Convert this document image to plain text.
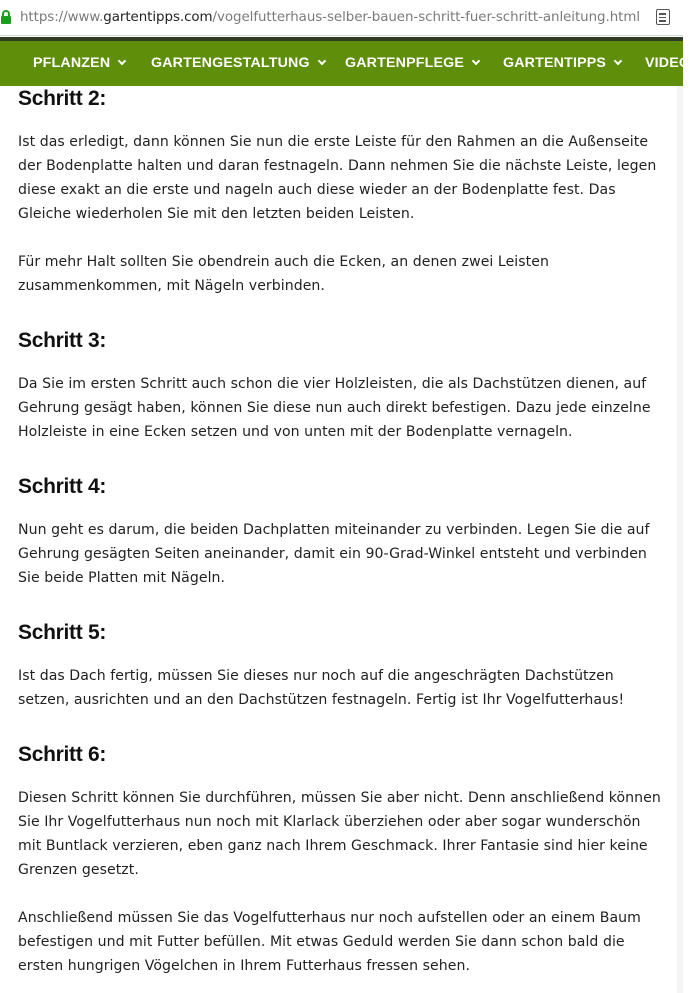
https://www.gartentipps.com/vogelfutterhaus-selber-bauen-schritt-fuer-schritt-anleitung.html
PFLANZEN	GARTENGESTALTUNG	GARTENPFLEGE	GARTENTIPPS	VIDEO
Schritt 2:

Ist das erledigt, dann können Sie nun die erste Leiste für den Rahmen an die Außenseite
der Bodenplatte halten und daran festnageln. Dann nehmen Sie die nächste Leiste, legen
diese exakt an die erste und nageln auch diese wieder an der Bodenplatte fest. Das
Gleiche wiederholen Sie mit den letzten beiden Leisten.

Für mehr Halt sollten Sie obendrein auch die Ecken, an denen zwei Leisten
zusammenkommen, mit Nägeln verbinden.

Schritt 3:

Da Sie im ersten Schritt auch schon die vier Holzleisten, die als Dachstützen dienen, auf
Gehrung gesägt haben, können Sie diese nun auch direkt befestigen. Dazu jede einzelne
Holzleiste in eine Ecken setzen und von unten mit der Bodenplatte vernageln.

Schritt 4:

Nun geht es darum, die beiden Dachplatten miteinander zu verbinden. Legen Sie die auf
Gehrung gesägten Seiten aneinander, damit ein 90-Grad-Winkel entsteht und verbinden
Sie beide Platten mit Nägeln.

Schritt 5:

Ist das Dach fertig, müssen Sie dieses nur noch auf die angeschrägten Dachstützen
setzen, ausrichten und an den Dachstützen festnageln. Fertig ist Ihr Vogelfutterhaus!

Schritt 6:

Diesen Schritt können Sie durchführen, müssen Sie aber nicht. Denn anschließend können
Sie Ihr Vogelfutterhaus nun noch mit Klarlack überziehen oder aber sogar wunderschön
mit Buntlack verzieren, eben ganz nach Ihrem Geschmack. Ihrer Fantasie sind hier keine
Grenzen gesetzt.

Anschließend müssen Sie das Vogelfutterhaus nur noch aufstellen oder an einem Baum
befestigen und mit Futter befüllen. Mit etwas Geduld werden Sie dann schon bald die
ersten hungrigen Vögelchen in Ihrem Futterhaus fressen sehen.
